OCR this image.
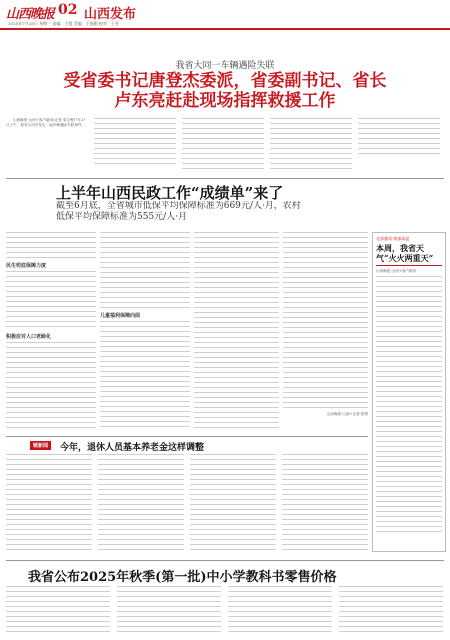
山西晚报 02 山西发布
2025年7月28日 星期一 责编：王霞 美编：王丽娟 校对：王芳
我省大同一车辆遇险失联
受省委书记唐登杰委派，省委副书记、省长
卢东亮赶赴现场指挥救援工作
山西晚报·山西+客户端讯(记者 梁文俊)7月27日上午，我省大同市发生一起车辆遇险失联事件。
上半年山西民政工作“成绩单”来了
截至6月底，全省城市低保平均保障标准为669元/人·月，农村
低保平均保障标准为555元/人·月
民生兜底保障力度
积极应对人口老龄化
儿童福利保障向面
山西晚报·山西+记者 张婧
北部暴雨 南部高温
本周，我省天气“火火两重天”
山西晚报·山西+客户端讯
链新闻	今年，退休人员基本养老金这样调整
我省公布2025年秋季(第一批)中小学教科书零售价格
